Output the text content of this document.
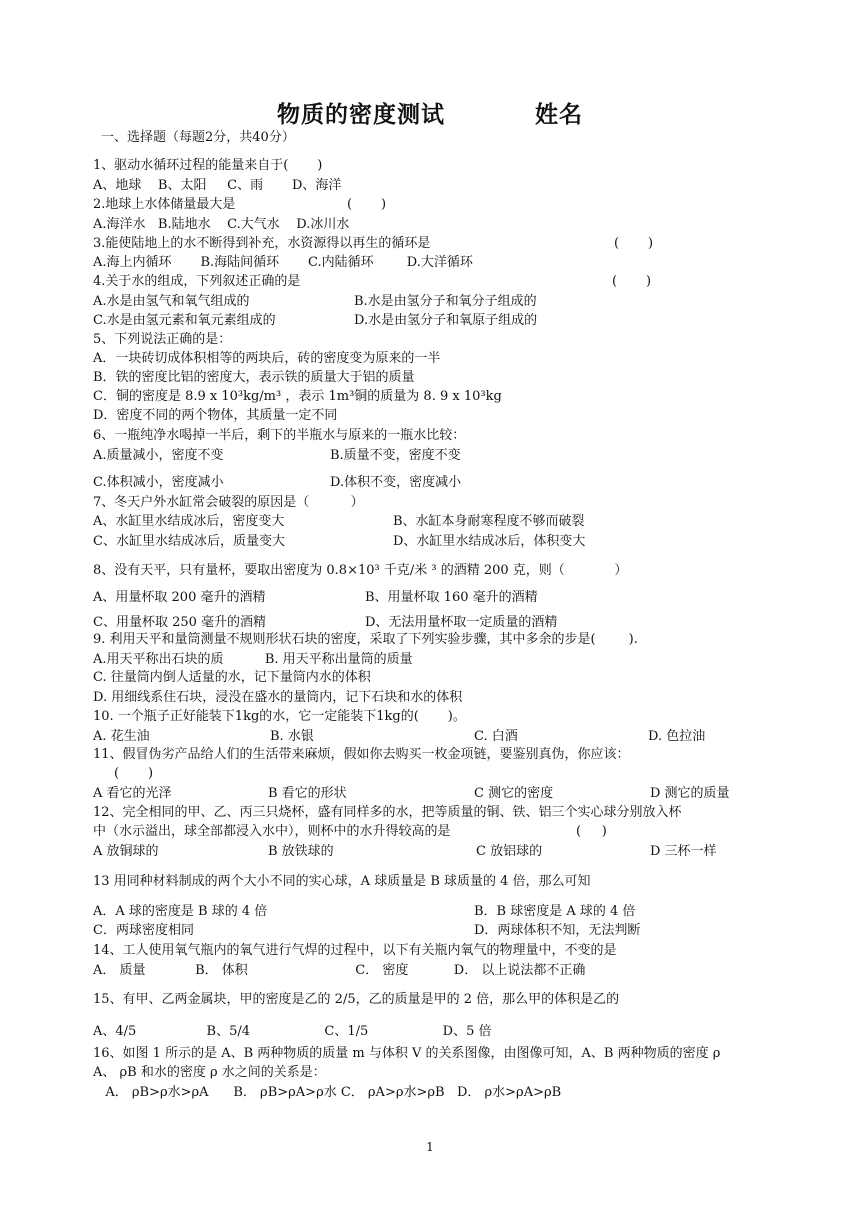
物质的密度测试          姓名
一、选择题（每题2分，共40分）
1、驱动水循环过程的能量来自于(       )
A、地球    B、太阳     C、雨       D、海洋
2.地球上水体储量最大是                           (       )
A.海洋水   B.陆地水    C.大气水    D.冰川水
3.能使陆地上的水不断得到补充，水资源得以再生的循环是	(       )
A.海上内循环       B.海陆间循环       C.内陆循环        D.大洋循环
4.关于水的组成，下列叙述正确的是	(       )
A.水是由氢气和氧气组成的	B.水是由氢分子和氧分子组成的
C.水是由氢元素和氧元素组成的	D.水是由氢分子和氧原子组成的
5、下列说法正确的是：
A．一块砖切成体积相等的两块后，砖的密度变为原来的一半
B．铁的密度比铝的密度大，表示铁的质量大于铝的质量
C．铜的密度是 8.9 x 10³kg/m³ ，表示 1m³铜的质量为 8. 9 x 10³kg
D．密度不同的两个物体，其质量一定不同
6、一瓶纯净水喝掉一半后，剩下的半瓶水与原来的一瓶水比较：
A.质量减小，密度不变	B.质量不变，密度不变
C.体积减小，密度减小	D.体积不变，密度减小
7、冬天户外水缸常会破裂的原因是（          ）
A、水缸里水结成冰后，密度变大	B、水缸本身耐寒程度不够而破裂
C、水缸里水结成冰后，质量变大	D、水缸里水结成冰后，体积变大
8、没有天平，只有量杯，要取出密度为 0.8×10³ 千克/米 ³ 的酒精 200 克，则（            ）
A、用量杯取 200 毫升的酒精	B、用量杯取 160 毫升的酒精
C、用量杯取 250 毫升的酒精	D、无法用量杯取一定质量的酒精
9. 利用天平和量筒测量不规则形状石块的密度，采取了下列实验步骤，其中多余的步是(        ).
A.用天平称出石块的质          B. 用天平称出量筒的质量
C. 往量筒内倒人适量的水，记下量筒内水的体积
D. 用细线系住石块，浸没在盛水的量筒内，记下石块和水的体积
10. 一个瓶子正好能装下1kg的水，它一定能装下1kg的(       )。
A. 花生油	B. 水银	C. 白酒	D. 色拉油
11、假冒伪劣产品给人们的生活带来麻烦，假如你去购买一枚金项链，要鉴别真伪，你应该：
(       )
A 看它的光泽	B 看它的形状	C 测它的密度	D 测它的质量
12、完全相同的甲、乙、丙三只烧杯，盛有同样多的水，把等质量的铜、铁、铝三个实心球分别放入杯
中（水示溢出，球全部都浸入水中），则杯中的水升得较高的是	(     )
A 放铜球的	B 放铁球的	C 放铝球的	D 三杯一样
13 用同种材料制成的两个大小不同的实心球，A 球质量是 B 球质量的 4 倍，那么可知
A．A 球的密度是 B 球的 4 倍	B．B 球密度是 A 球的 4 倍
C．两球密度相同	D．两球体积不知，无法判断
14、工人使用氧气瓶内的氧气进行气焊的过程中，以下有关瓶内氧气的物理量中，不变的是
A． 质量            B． 体积                          C． 密度           D． 以上说法都不正确
15、有甲、乙两金属块，甲的密度是乙的 2/5，乙的质量是甲的 2 倍，那么甲的体积是乙的
A、4/5                 B、5/4                  C、1/5                  D、5 倍
16、如图 1 所示的是 A、B 两种物质的质量 m 与体积 V 的关系图像，由图像可知，A、B 两种物质的密度 ρ
A、 ρB 和水的密度 ρ 水之间的关系是：
A． ρB>ρ水>ρA      B． ρB>ρA>ρ水 C． ρA>ρ水>ρB   D． ρ水>ρA>ρB
1
